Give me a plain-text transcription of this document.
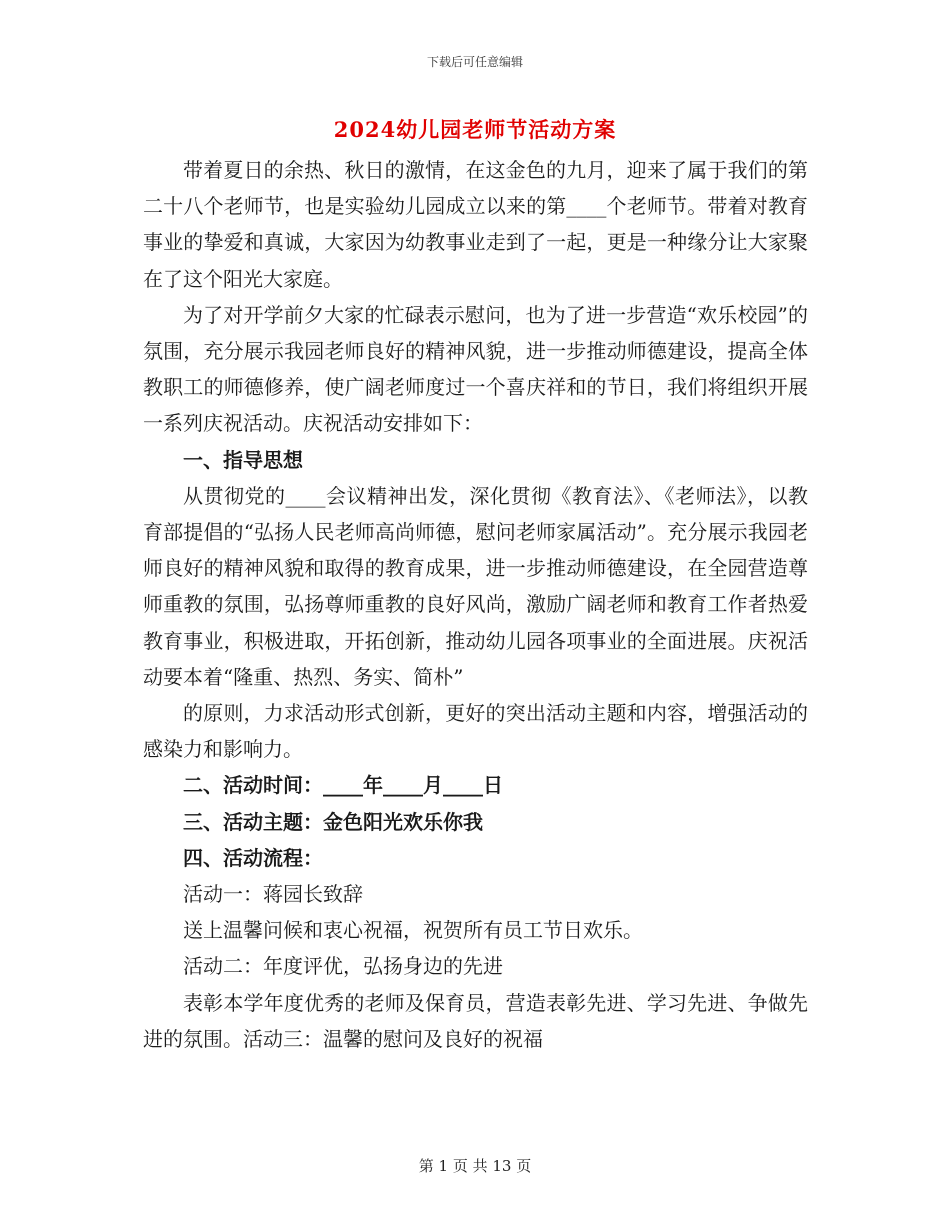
下载后可任意编辑
2024幼儿园老师节活动方案

带着夏日的余热、秋日的激情，在这金色的九月，迎来了属于我们的第二十八个老师节，也是实验幼儿园成立以来的第____个老师节。带着对教育事业的挚爱和真诚，大家因为幼教事业走到了一起，更是一种缘分让大家聚在了这个阳光大家庭。

为了对开学前夕大家的忙碌表示慰问，也为了进一步营造“欢乐校园”的氛围，充分展示我园老师良好的精神风貌，进一步推动师德建设，提高全体教职工的师德修养，使广阔老师度过一个喜庆祥和的节日，我们将组织开展一系列庆祝活动。庆祝活动安排如下：

一、指导思想

从贯彻党的____会议精神出发，深化贯彻《教育法》、《老师法》，以教育部提倡的“弘扬人民老师高尚师德，慰问老师家属活动”。充分展示我园老师良好的精神风貌和取得的教育成果，进一步推动师德建设，在全园营造尊师重教的氛围，弘扬尊师重教的良好风尚，激励广阔老师和教育工作者热爱教育事业，积极进取，开拓创新，推动幼儿园各项事业的全面进展。庆祝活动要本着“隆重、热烈、务实、简朴”

的原则，力求活动形式创新，更好的突出活动主题和内容，增强活动的感染力和影响力。

二、活动时间：____年____月____日

三、活动主题：金色阳光欢乐你我

四、活动流程：

活动一：蒋园长致辞

送上温馨问候和衷心祝福，祝贺所有员工节日欢乐。

活动二：年度评优，弘扬身边的先进

表彰本学年度优秀的老师及保育员，营造表彰先进、学习先进、争做先进的氛围。活动三：温馨的慰问及良好的祝福

第 1 页 共 13 页
